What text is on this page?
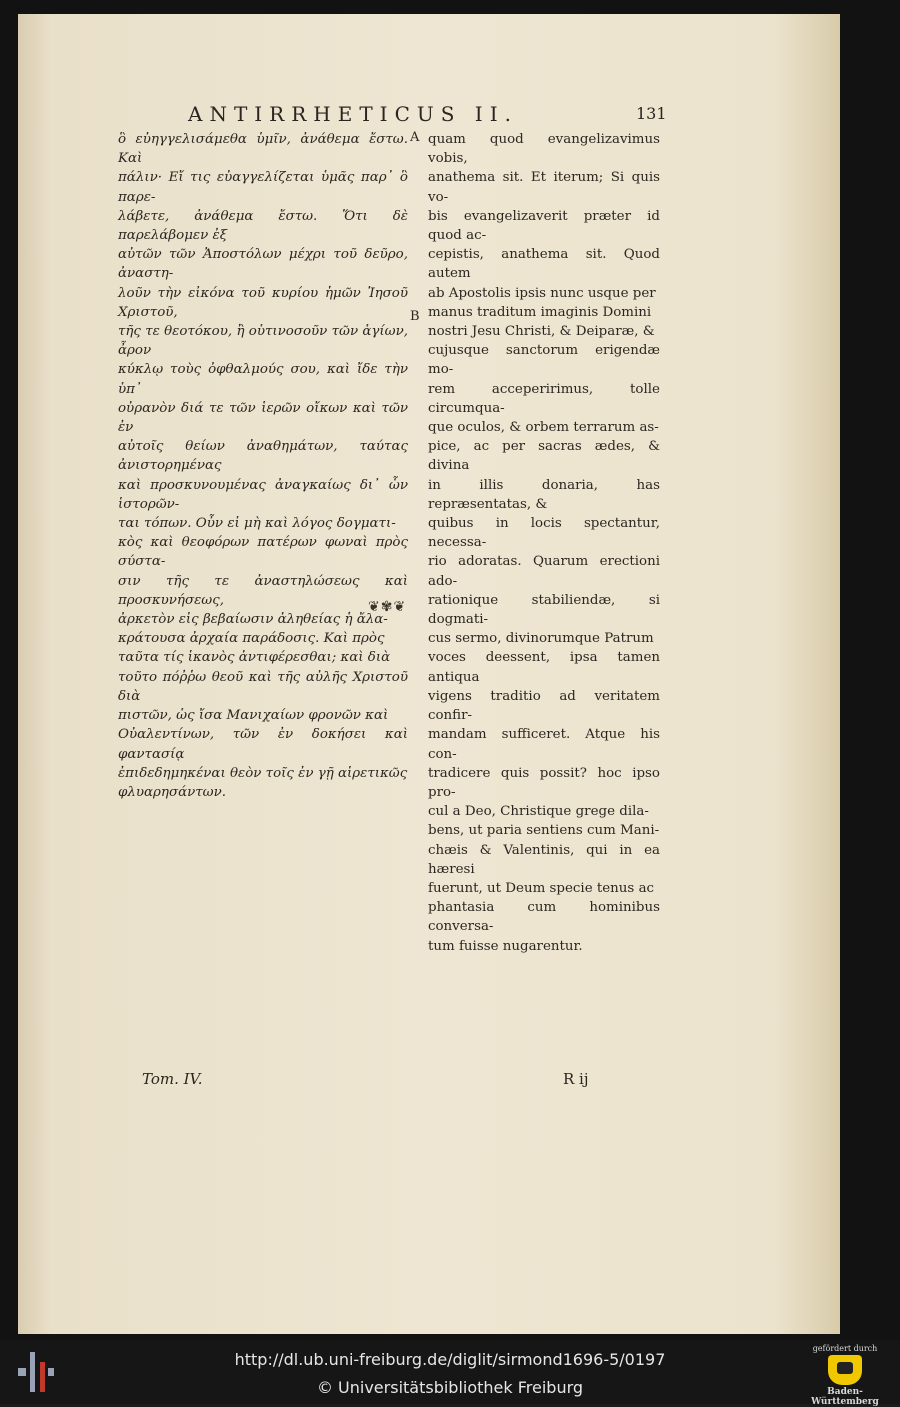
ANTIRRHETICUS II.	131

ὃ εὐηγγελισάμεθα ὑμῖν, ἀνάθεμα ἔστω. Καὶ

πάλιν· Εἴ τις εὐαγγελίζεται ὑμᾶς παρ᾽ ὃ παρε-

λάβετε, ἀνάθεμα ἔστω. Ὅτι δὲ παρελάβομεν ἐξ

αὐτῶν τῶν Ἀποστόλων μέχρι τοῦ δεῦρο, ἀναστη-

λοῦν τὴν εἰκόνα τοῦ κυρίου ἡμῶν Ἰησοῦ Χριστοῦ,

τῆς τε θεοτόκου, ἢ οὑτινοσοῦν τῶν ἁγίων, ἆρον

κύκλῳ τοὺς ὀφθαλμούς σου, καὶ ἴδε τὴν ὑπ᾽

οὐρανὸν διά τε τῶν ἱερῶν οἴκων καὶ τῶν ἐν

αὐτοῖς θείων ἀναθημάτων, ταύτας ἀνιστορημένας

καὶ προσκυνουμένας ἀναγκαίως δι᾽ ὧν ἱστορῶν-

ται τόπων. Οὖν εἰ μὴ καὶ λόγος δογματι-

κὸς καὶ θεοφόρων πατέρων φωναὶ πρὸς σύστα-

σιν τῆς τε ἀναστηλώσεως καὶ προσκυνήσεως,

ἀρκετὸν εἰς βεβαίωσιν ἀληθείας ἡ ἄλα-

κράτουσα ἀρχαία παράδοσις. Καὶ πρὸς

ταῦτα τίς ἱκανὸς ἀντιφέρεσθαι; καὶ διὰ

τοῦτο πόῤῥω θεοῦ καὶ τῆς αὐλῆς Χριστοῦ διὰ

πιστῶν, ὡς ἴσα Μανιχαίων φρονῶν καὶ

Οὐαλεντίνων, τῶν ἐν δοκήσει καὶ φαντασίᾳ

ἐπιδεδημηκέναι θεὸν τοῖς ἐν γῇ αἱρετικῶς

φλυαρησάντων.

quam quod evangelizavimus vobis,

anathema sit. Et iterum; Si quis vo-

bis evangelizaverit præter id quod ac-

cepistis, anathema sit. Quod autem

ab Apostolis ipsis nunc usque per

manus traditum imaginis Domini

nostri Jesu Christi, & Deiparæ, &

cujusque sanctorum erigendæ mo-

rem acceperirimus, tolle circumqua-

que oculos, & orbem terrarum as-

pice, ac per sacras ædes, & divina

in illis donaria, has repræsentatas, &

quibus in locis spectantur, necessa-

rio adoratas. Quarum erectioni ado-

rationique stabiliendæ, si dogmati-

cus sermo, divinorumque Patrum

voces deessent, ipsa tamen antiqua

vigens traditio ad veritatem confir-

mandam sufficeret. Atque his con-

tradicere quis possit? hoc ipso pro-

cul a Deo, Christique grege dila-

bens, ut paria sentiens cum Mani-

chæis & Valentinis, qui in ea hæresi

fuerunt, ut Deum specie tenus ac

phantasia cum hominibus conversa-

tum fuisse nugarentur.

A
B
❦✾❦
Tom. IV.	R ij
http://dl.ub.uni-freiburg.de/diglit/sirmond1696-5/0197
© Universitätsbibliothek Freiburg
gefördert durch
Baden-Württemberg
